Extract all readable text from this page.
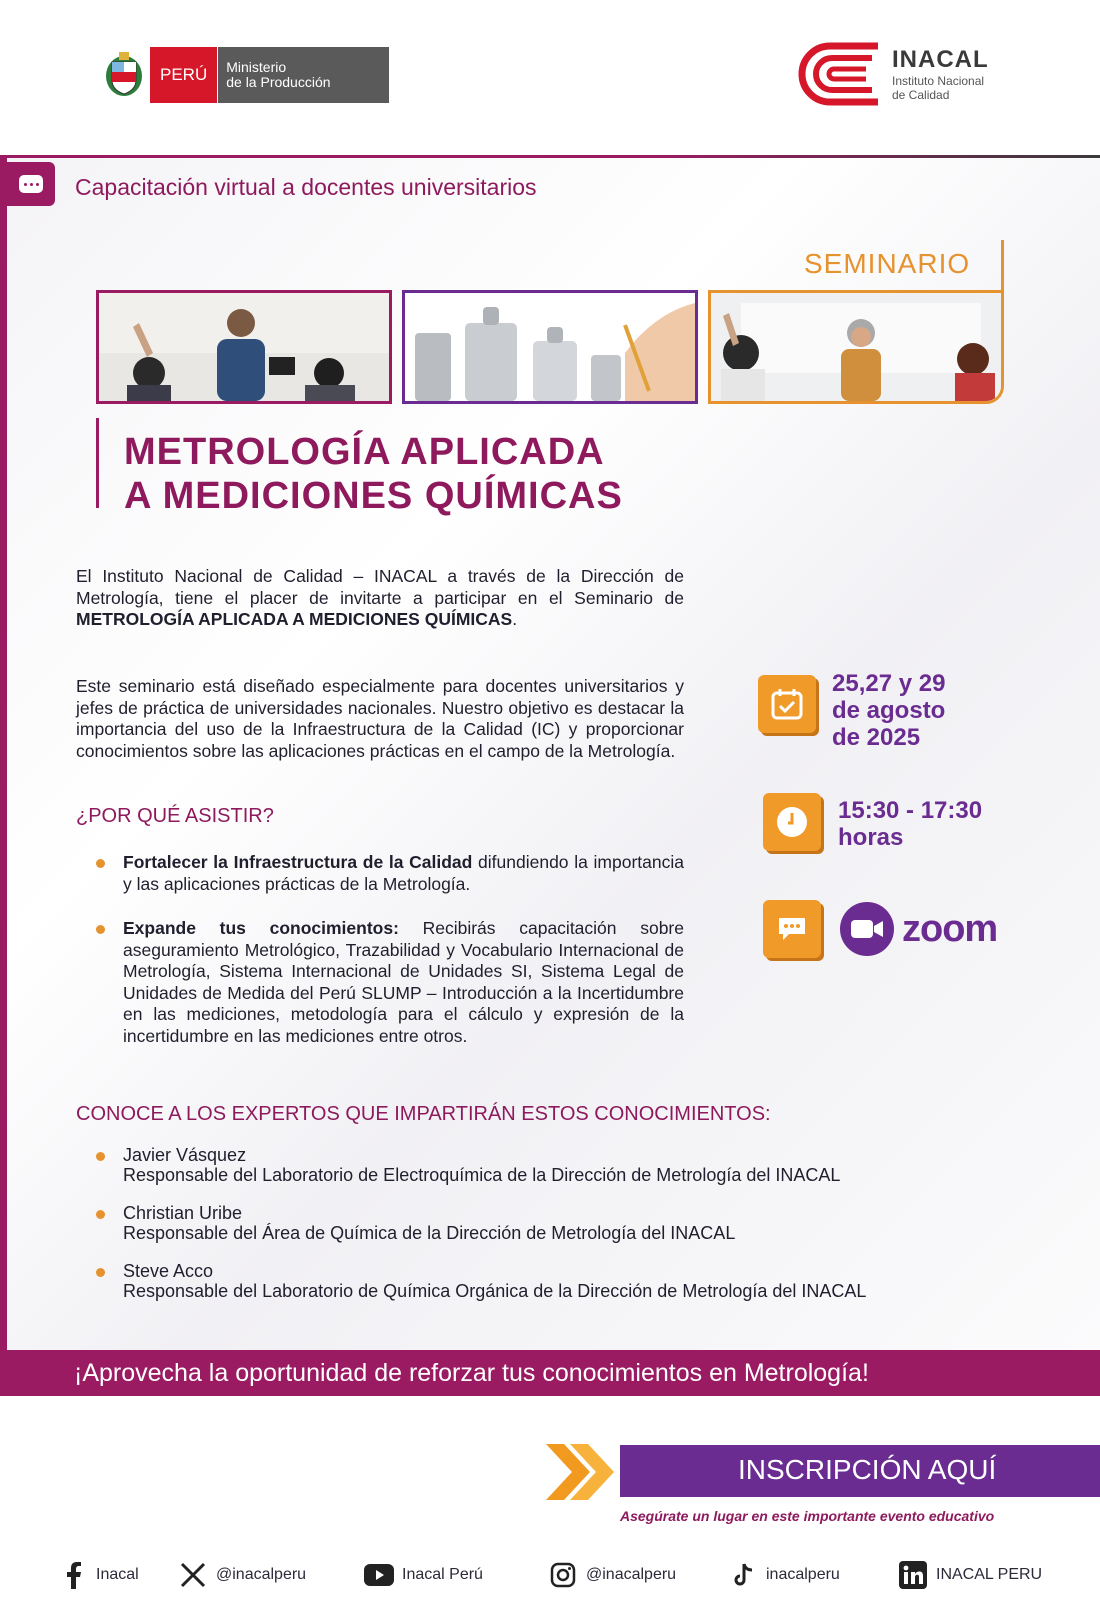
PERÚ	Ministerio
de la Producción
INACAL
Instituto Nacional
de Calidad
Capacitación virtual a docentes universitarios
SEMINARIO
METROLOGÍA APLICADA
A MEDICIONES QUÍMICAS
El Instituto Nacional de Calidad – INACAL a través de la Dirección de Metrología, tiene el placer de invitarte a participar en el Seminario de METROLOGÍA APLICADA A MEDICIONES QUÍMICAS.
Este seminario está diseñado especialmente para docentes universitarios y jefes de práctica de universidades nacionales. Nuestro objetivo es destacar la importancia del uso de la Infraestructura de la Calidad (IC) y proporcionar conocimientos sobre las aplicaciones prácticas en el campo de la Metrología.
¿POR QUÉ ASISTIR?
Fortalecer la Infraestructura de la Calidad difundiendo la importancia y las aplicaciones prácticas de la Metrología.
Expande tus conocimientos: Recibirás capacitación sobre aseguramiento Metrológico, Trazabilidad y Vocabulario Internacional de Metrología, Sistema Internacional de Unidades SI, Sistema Legal de Unidades de Medida del Perú SLUMP – Introducción a la Incertidumbre en las mediciones, metodología para el cálculo y expresión de la incertidumbre en las mediciones entre otros.
CONOCE A LOS EXPERTOS QUE IMPARTIRÁN ESTOS CONOCIMIENTOS:
Javier Vásquez
Responsable del Laboratorio de Electroquímica de la Dirección de Metrología del INACAL
Christian Uribe
Responsable del Área de Química de la Dirección de Metrología del INACAL
Steve Acco
Responsable del Laboratorio de Química Orgánica de la Dirección de Metrología del INACAL
25,27 y 29
de agosto
de 2025
15:30 - 17:30
horas
zoom
¡Aprovecha la oportunidad de reforzar tus conocimientos en Metrología!
INSCRIPCIÓN AQUÍ
Asegúrate un lugar en este importante evento educativo
Inacal	@inacalperu	Inacal Perú	@inacalperu	inacalperu	INACAL PERU
